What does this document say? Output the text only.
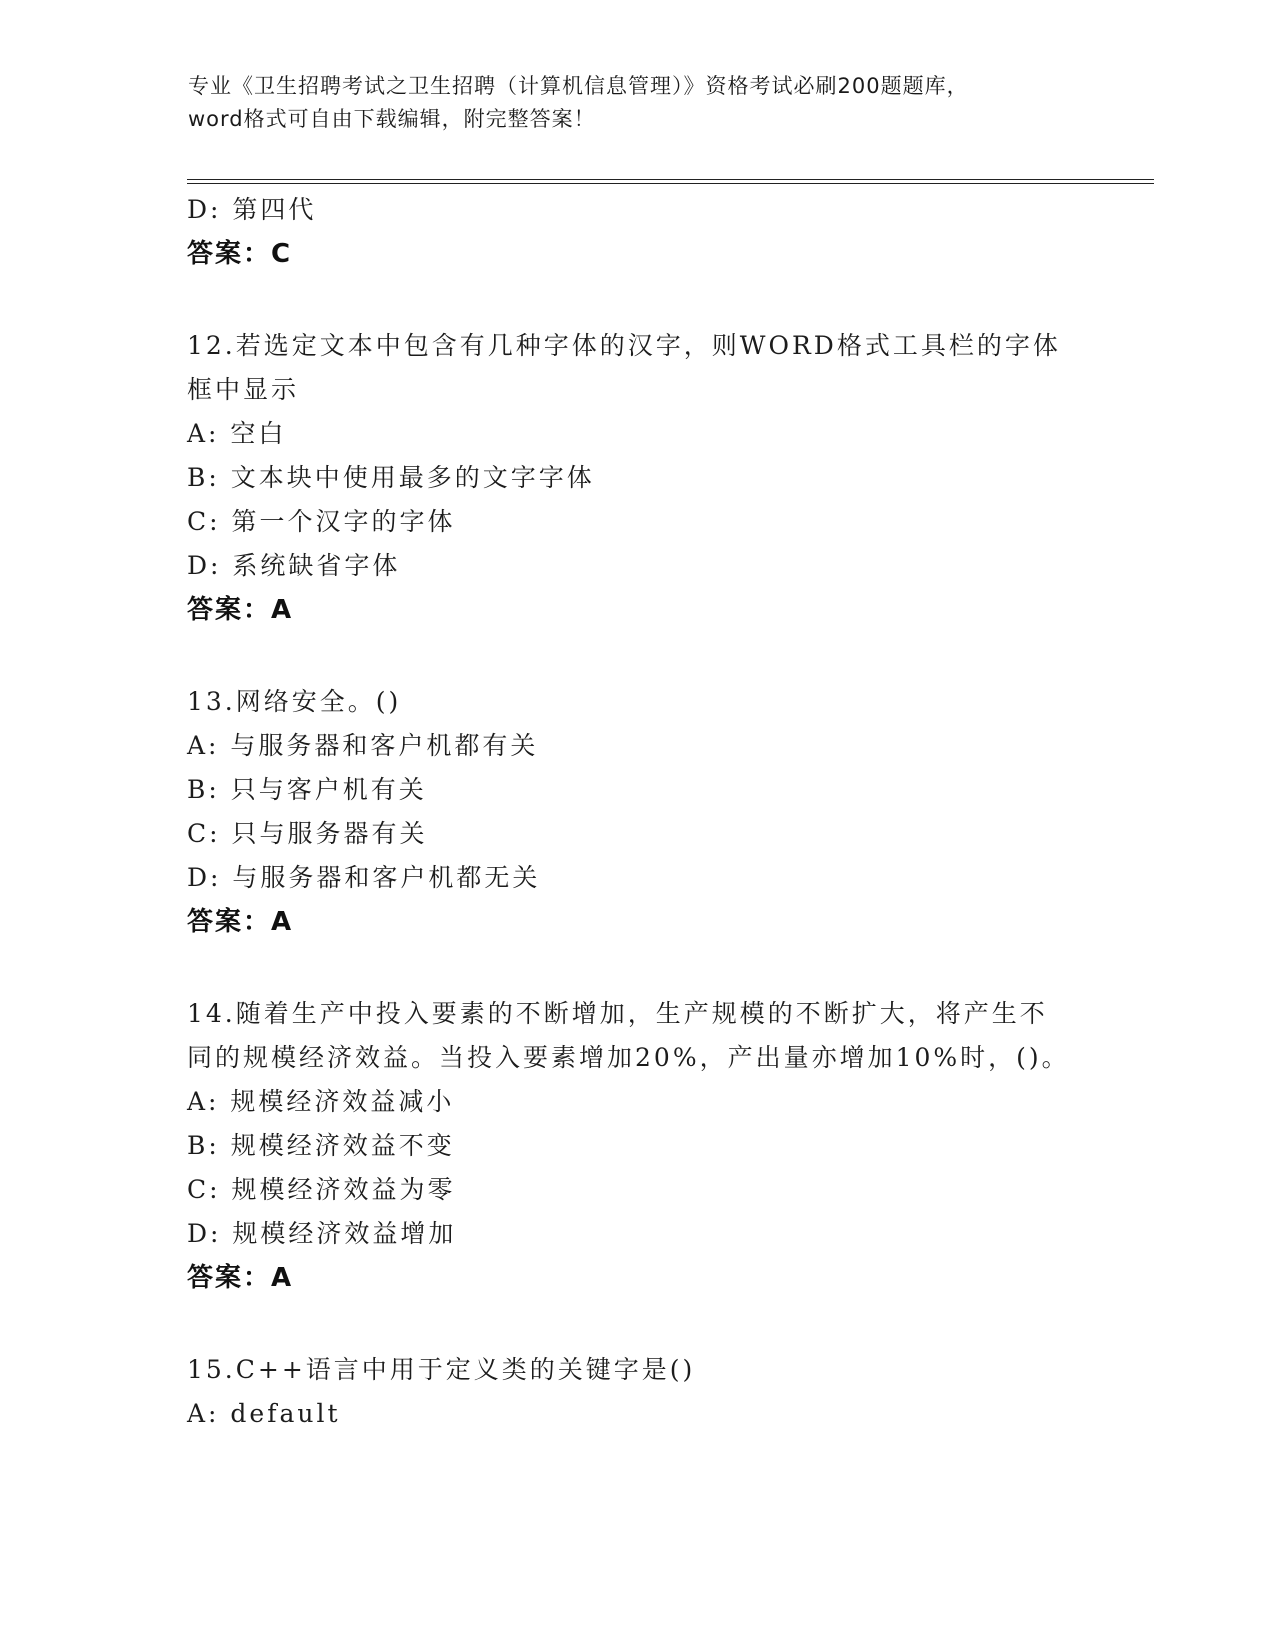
专业《卫生招聘考试之卫生招聘（计算机信息管理）》资格考试必刷200题题库，
word格式可自由下载编辑，附完整答案！
D: 第四代
答案：C
12.若选定文本中包含有几种字体的汉字，则WORD格式工具栏的字体
框中显示
A: 空白
B: 文本块中使用最多的文字字体
C: 第一个汉字的字体
D: 系统缺省字体
答案：A
13.网络安全。()
A: 与服务器和客户机都有关
B: 只与客户机有关
C: 只与服务器有关
D: 与服务器和客户机都无关
答案：A
14.随着生产中投入要素的不断增加，生产规模的不断扩大，将产生不
同的规模经济效益。当投入要素增加20%，产出量亦增加10%时，()。
A: 规模经济效益减小
B: 规模经济效益不变
C: 规模经济效益为零
D: 规模经济效益增加
答案：A
15.C++语言中用于定义类的关键字是()
A: default
